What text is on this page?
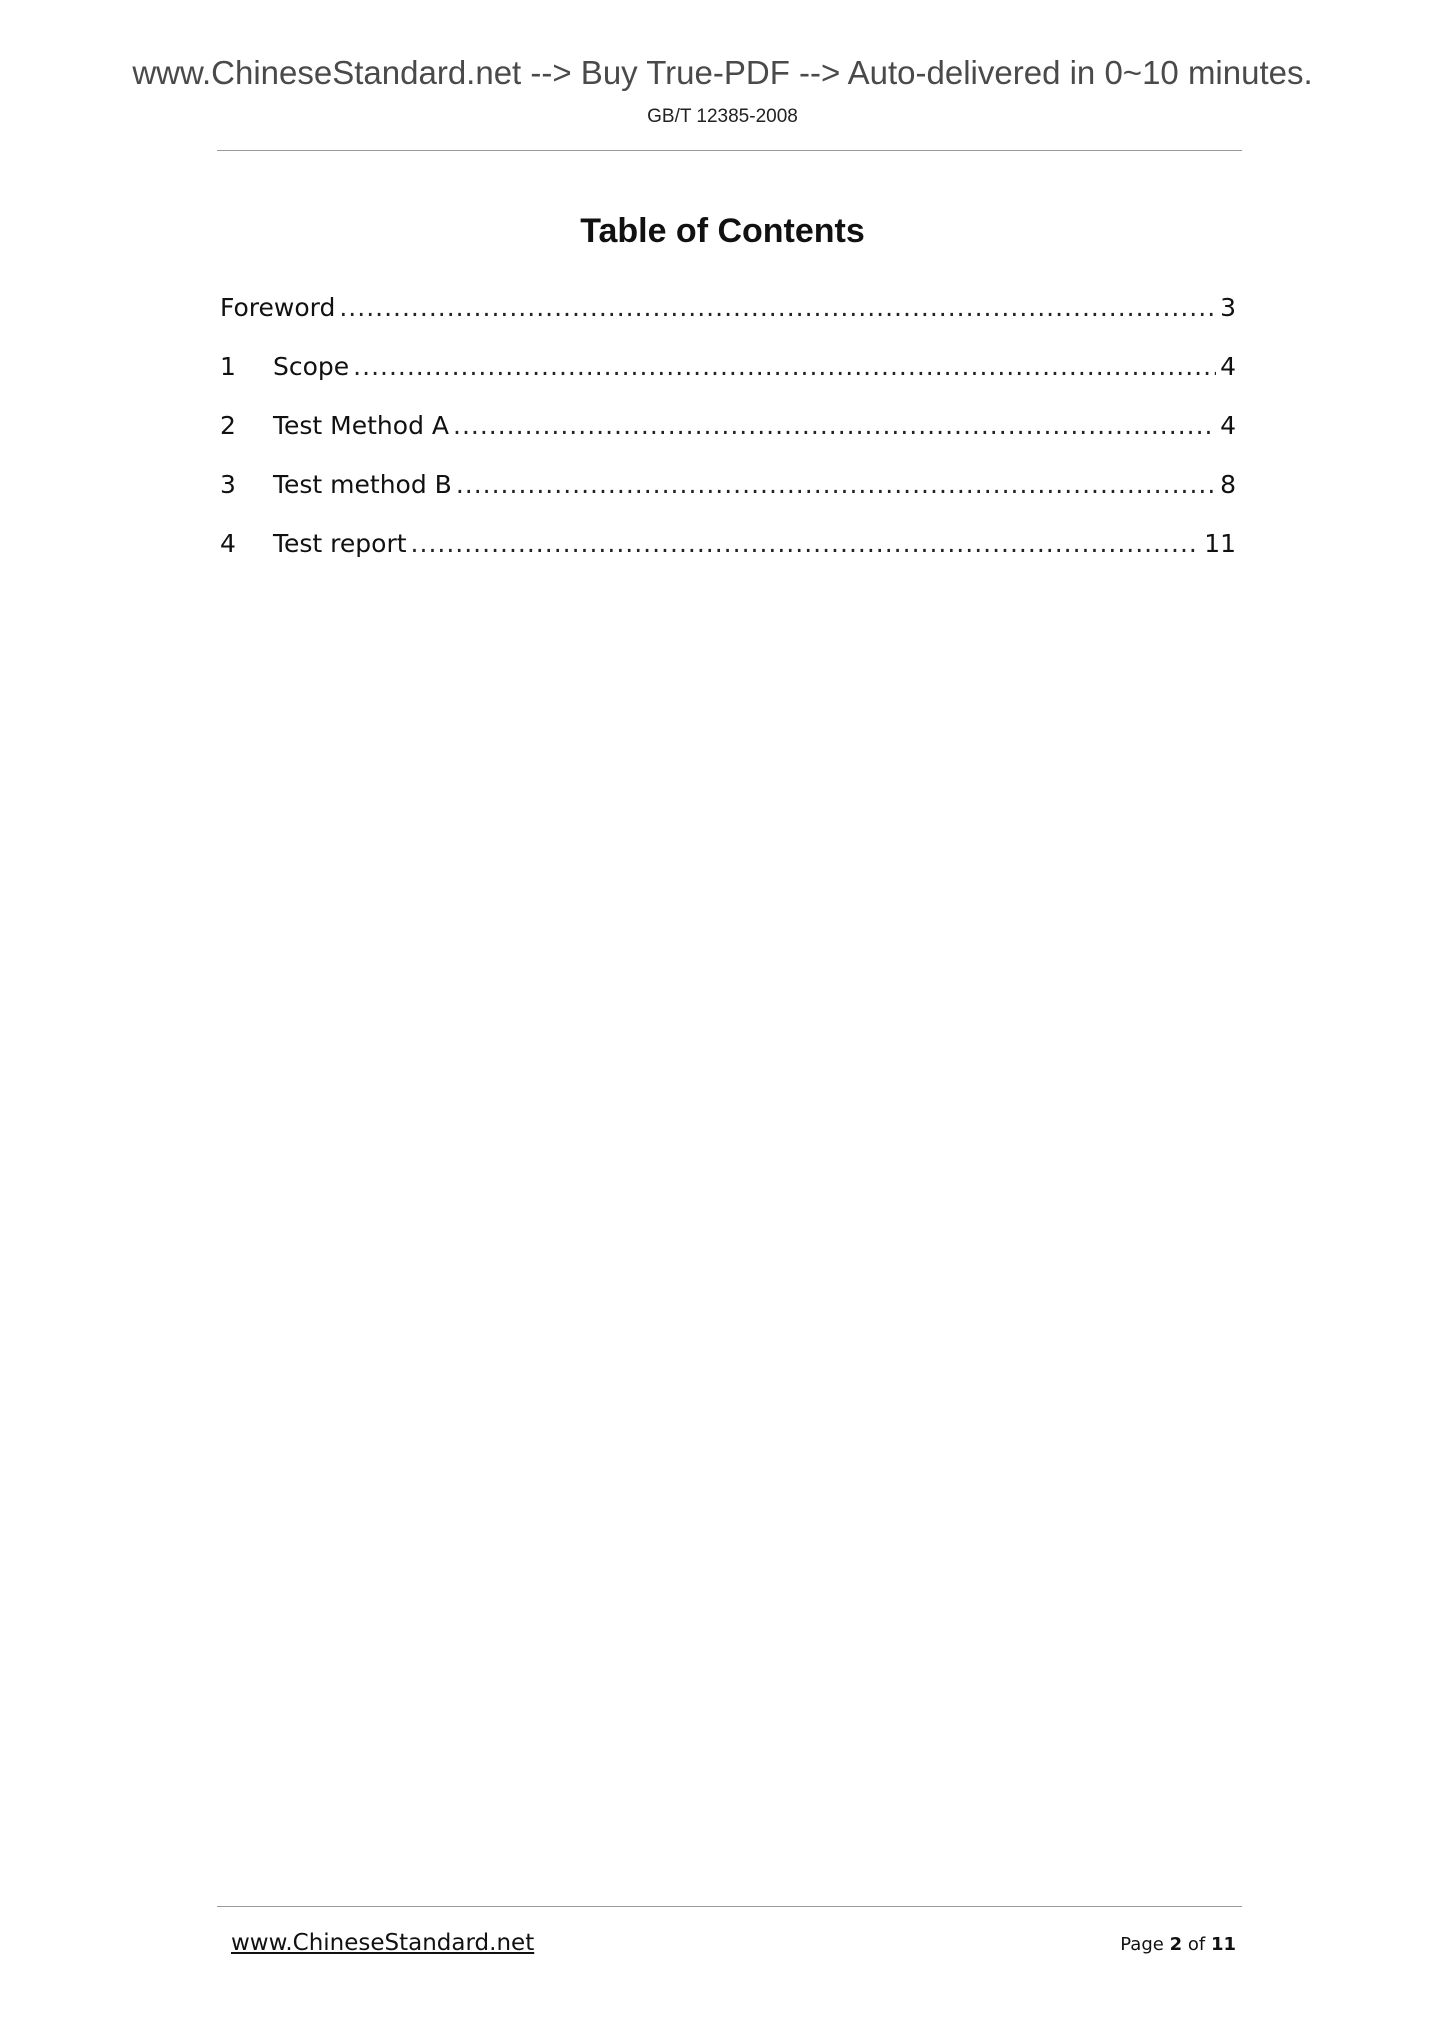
www.ChineseStandard.net --> Buy True-PDF --> Auto-delivered in 0~10 minutes.
GB/T 12385-2008
Table of Contents
Foreword .....	3
1	Scope .....	4
2	Test Method A .....	4
3	Test method B .....	8
4	Test report .....	11
www.ChineseStandard.net	Page 2 of 11
